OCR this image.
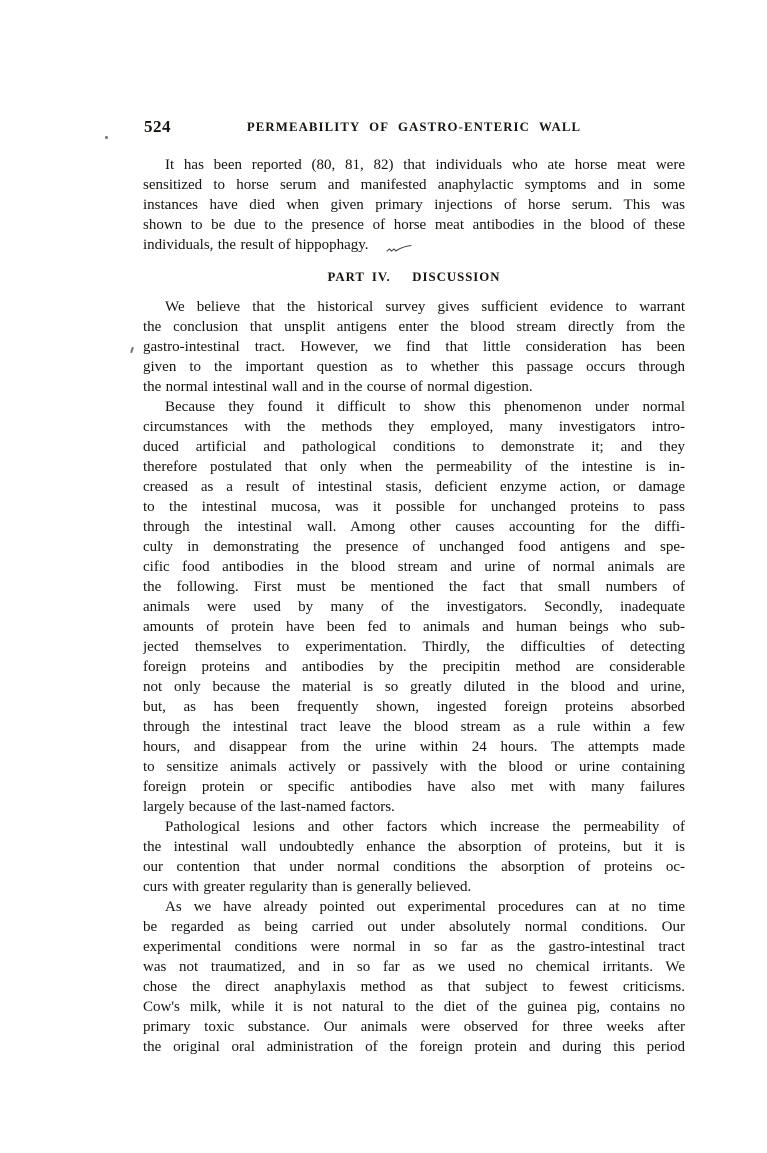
524	PERMEABILITY OF GASTRO-ENTERIC WALL
It has been reported (80, 81, 82) that individuals who ate horse meat were
sensitized to horse serum and manifested anaphylactic symptoms and in some
instances have died when given primary injections of horse serum. This was
shown to be due to the presence of horse meat antibodies in the blood of these
individuals, the result of hippophagy.
PART IV.   DISCUSSION
We believe that the historical survey gives sufficient evidence to warrant
the conclusion that unsplit antigens enter the blood stream directly from the
gastro-intestinal tract. However, we find that little consideration has been
given to the important question as to whether this passage occurs through
the normal intestinal wall and in the course of normal digestion.
Because they found it difficult to show this phenomenon under normal
circumstances with the methods they employed, many investigators intro-
duced artificial and pathological conditions to demonstrate it; and they
therefore postulated that only when the permeability of the intestine is in-
creased as a result of intestinal stasis, deficient enzyme action, or damage
to the intestinal mucosa, was it possible for unchanged proteins to pass
through the intestinal wall. Among other causes accounting for the diffi-
culty in demonstrating the presence of unchanged food antigens and spe-
cific food antibodies in the blood stream and urine of normal animals are
the following. First must be mentioned the fact that small numbers of
animals were used by many of the investigators. Secondly, inadequate
amounts of protein have been fed to animals and human beings who sub-
jected themselves to experimentation. Thirdly, the difficulties of detecting
foreign proteins and antibodies by the precipitin method are considerable
not only because the material is so greatly diluted in the blood and urine,
but, as has been frequently shown, ingested foreign proteins absorbed
through the intestinal tract leave the blood stream as a rule within a few
hours, and disappear from the urine within 24 hours. The attempts made
to sensitize animals actively or passively with the blood or urine containing
foreign protein or specific antibodies have also met with many failures
largely because of the last-named factors.
Pathological lesions and other factors which increase the permeability of
the intestinal wall undoubtedly enhance the absorption of proteins, but it is
our contention that under normal conditions the absorption of proteins oc-
curs with greater regularity than is generally believed.
As we have already pointed out experimental procedures can at no time
be regarded as being carried out under absolutely normal conditions. Our
experimental conditions were normal in so far as the gastro-intestinal tract
was not traumatized, and in so far as we used no chemical irritants. We
chose the direct anaphylaxis method as that subject to fewest criticisms.
Cow's milk, while it is not natural to the diet of the guinea pig, contains no
primary toxic substance. Our animals were observed for three weeks after
the original oral administration of the foreign protein and during this period
